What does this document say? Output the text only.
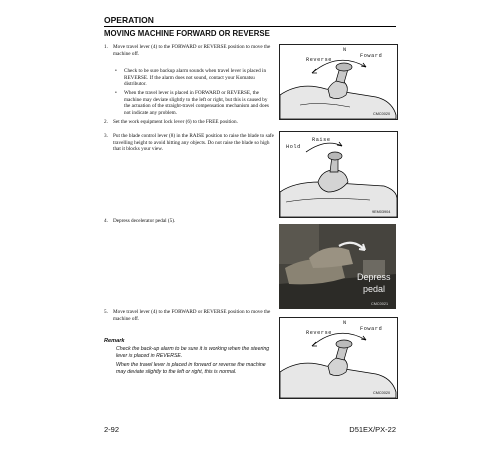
OPERATION
MOVING MACHINE FORWARD OR REVERSE
1. Move travel lever (4) to the FORWARD or REVERSE position to move the machine off.
• Check to be sure backup alarm sounds when travel lever is placed in REVERSE. If the alarm does not sound, contact your Komatsu distributor.
• When the travel lever is placed in FORWARD or REVERSE, the machine may deviate slightly to the left or right, but this is caused by the actuation of the straight-travel compensation mechanism and does not indicate any problem.
2. Set the work equipment lock lever (6) to the FREE position.
3. Put the blade control lever (8) in the RAISE position to raise the blade to safe travelling height to avoid hitting any objects. Do not raise the blade so high that it blocks your view.
4. Depress decelerator pedal (5).
5. Move travel lever (4) to the FORWARD or REVERSE position to move the machine off.
N
Reverse
Foward
CMC0020
Hold
Raise
9EM03904
Depress
pedal
CMC0021
N
Reverse
Foward
CMC0020
Remark
Check the back-up alarm to be sure it is working when the steering lever is placed in REVERSE.
When the travel lever is placed in forward or reverse the machine may deviate slightly to the left or right, this is normal.
2-92	D51EX/PX-22
